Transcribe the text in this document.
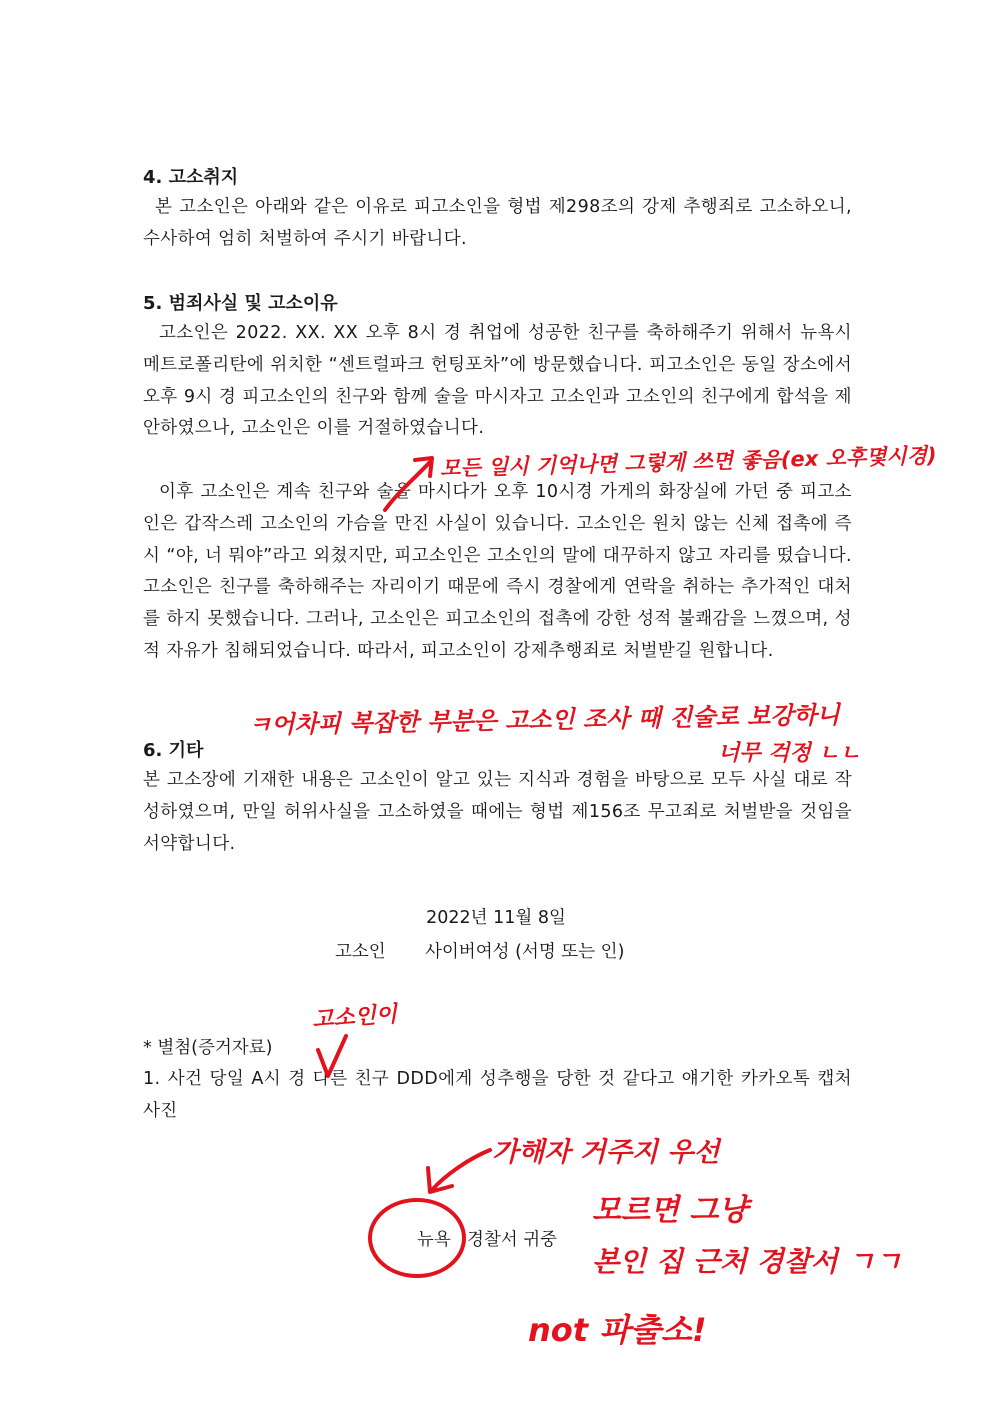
4. 고소취지
본 고소인은 아래와 같은 이유로 피고소인을 형법 제298조의 강제 추행죄로 고소하오니, 수사하여 엄히 처벌하여 주시기 바랍니다.
5. 범죄사실 및 고소이유
고소인은 2022. XX. XX 오후 8시 경 취업에 성공한 친구를 축하해주기 위해서 뉴욕시 메트로폴리탄에 위치한 “센트럴파크 헌팅포차”에 방문했습니다. 피고소인은 동일 장소에서 오후 9시 경 피고소인의 친구와 함께 술을 마시자고 고소인과 고소인의 친구에게 합석을 제안하였으나, 고소인은 이를 거절하였습니다.
이후 고소인은 계속 친구와 술을 마시다가 오후 10시경 가게의 화장실에 가던 중 피고소인은 갑작스레 고소인의 가슴을 만진 사실이 있습니다. 고소인은 원치 않는 신체 접촉에 즉시 “야, 너 뭐야”라고 외쳤지만, 피고소인은 고소인의 말에 대꾸하지 않고 자리를 떴습니다. 고소인은 친구를 축하해주는 자리이기 때문에 즉시 경찰에게 연락을 취하는 추가적인 대처를 하지 못했습니다. 그러나, 고소인은 피고소인의 접촉에 강한 성적 불쾌감을 느꼈으며, 성적 자유가 침해되었습니다. 따라서, 피고소인이 강제추행죄로 처벌받길 원합니다.
6. 기타
본 고소장에 기재한 내용은 고소인이 알고 있는 지식과 경험을 바탕으로 모두 사실 대로 작성하였으며, 만일 허위사실을 고소하였을 때에는 형법 제156조 무고죄로 처벌받을 것임을 서약합니다.
2022년 11월 8일
고소인 사이버여성 (서명 또는 인)
* 별첨(증거자료)
1. 사건 당일 A시 경 다른 친구 DDD에게 성추행을 당한 것 같다고 얘기한 카카오톡 캡처 사진
뉴욕 경찰서 귀중
모든 일시 기억나면 그렇게 쓰면 좋음(ex 오후몇시경)
ㅋ어차피 복잡한 부분은 고소인 조사 때 진술로 보강하니
너무 걱정 ㄴㄴ
고소인이
가해자 거주지 우선
모르면 그냥
본인 집 근처 경찰서 ㄱㄱ
not 파출소!
